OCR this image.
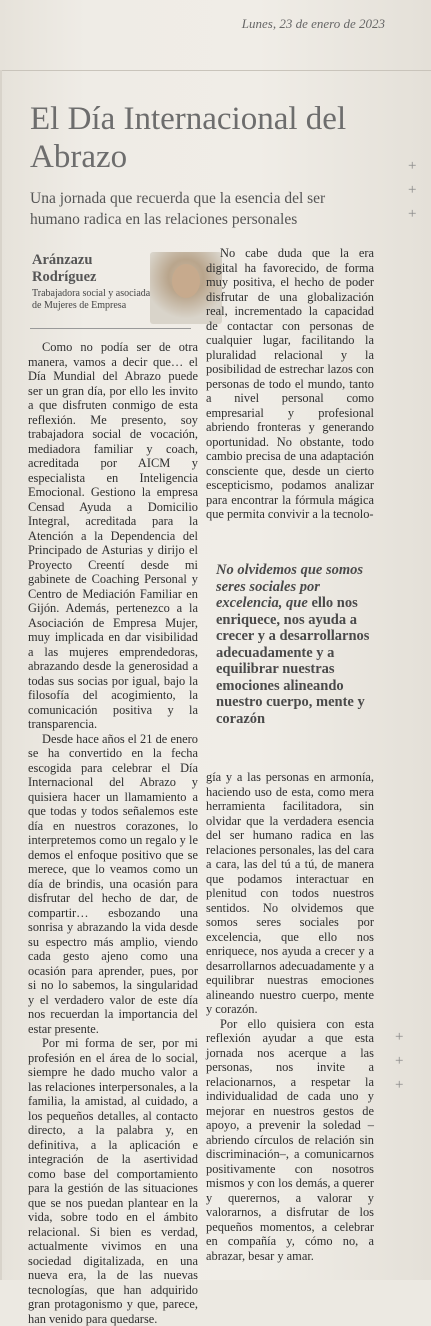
Lunes, 23 de enero de 2023
El Día Internacional del Abrazo

Una jornada que recuerda que la esencia del ser humano radica en las relaciones personales

+
+
+
+
+
+
Aránzazu Rodríguez
Trabajadora social y asociada de Mujeres de Empresa

Como no podía ser de otra manera, vamos a decir que… el Día Mundial del Abrazo puede ser un gran día, por ello les invito a que disfruten conmigo de esta reflexión. Me presento, soy trabajadora social de vocación, mediadora familiar y coach, acreditada por AICM y especialista en Inteligencia Emocional. Gestiono la empresa Censad Ayuda a Domicilio Integral, acreditada para la Atención a la Dependencia del Principado de Asturias y dirijo el Proyecto Creentí desde mi gabinete de Coaching Personal y Centro de Mediación Familiar en Gijón. Además, pertenezco a la Asociación de Empresa Mujer, muy implicada en dar visibilidad a las mujeres emprendedoras, abrazando desde la generosidad a todas sus socias por igual, bajo la filosofía del acogimiento, la comunicación positiva y la transparencia.

Desde hace años el 21 de enero se ha convertido en la fecha escogida para celebrar el Día Internacional del Abrazo y quisiera hacer un llamamiento a que todas y todos señalemos este día en nuestros corazones, lo interpretemos como un regalo y le demos el enfoque positivo que se merece, que lo veamos como un día de brindis, una ocasión para disfrutar del hecho de dar, de compartir… esbozando una sonrisa y abrazando la vida desde su espectro más amplio, viendo cada gesto ajeno como una ocasión para aprender, pues, por si no lo sabemos, la singularidad y el verdadero valor de este día nos recuerdan la importancia del estar presente.

Por mi forma de ser, por mi profesión en el área de lo social, siempre he dado mucho valor a las relaciones interpersonales, a la familia, la amistad, al cuidado, a los pequeños detalles, al contacto directo, a la palabra y, en definitiva, a la aplicación e integración de la asertividad como base del comportamiento para la gestión de las situaciones que se nos puedan plantear en la vida, sobre todo en el ámbito relacional. Si bien es verdad, actualmente vivimos en una sociedad digitalizada, en una nueva era, la de las nuevas tecnologías, que han adquirido gran protagonismo y que, parece, han venido para quedarse.

No cabe duda que la era digital ha favorecido, de forma muy positiva, el hecho de poder disfrutar de una globalización real, incrementado la capacidad de contactar con personas de cualquier lugar, facilitando la pluralidad relacional y la posibilidad de estrechar lazos con personas de todo el mundo, tanto a nivel personal como empresarial y profesional abriendo fronteras y generando oportunidad. No obstante, todo cambio precisa de una adaptación consciente que, desde un cierto escepticismo, podamos analizar para encontrar la fórmula mágica que permita convivir a la tecnolo-

No olvidemos que somos seres sociales por excelencia, que ello nos enriquece, nos ayuda a crecer y a desarrollarnos adecuadamente y a equilibrar nuestras emociones alineando nuestro cuerpo, mente y corazón

gía y a las personas en armonía, haciendo uso de esta, como mera herramienta facilitadora, sin olvidar que la verdadera esencia del ser humano radica en las relaciones personales, las del cara a cara, las del tú a tú, de manera que podamos interactuar en plenitud con todos nuestros sentidos. No olvidemos que somos seres sociales por excelencia, que ello nos enriquece, nos ayuda a crecer y a desarrollarnos adecuadamente y a equilibrar nuestras emociones alineando nuestro cuerpo, mente y corazón.

Por ello quisiera con esta reflexión ayudar a que esta jornada nos acerque a las personas, nos invite a relacionarnos, a respetar la individualidad de cada uno y mejorar en nuestros gestos de apoyo, a prevenir la soledad –abriendo círculos de relación sin discriminación–, a comunicarnos positivamente con nosotros mismos y con los demás, a querer y querernos, a valorar y valorarnos, a disfrutar de los pequeños momentos, a celebrar en compañía y, cómo no, a abrazar, besar y amar.
